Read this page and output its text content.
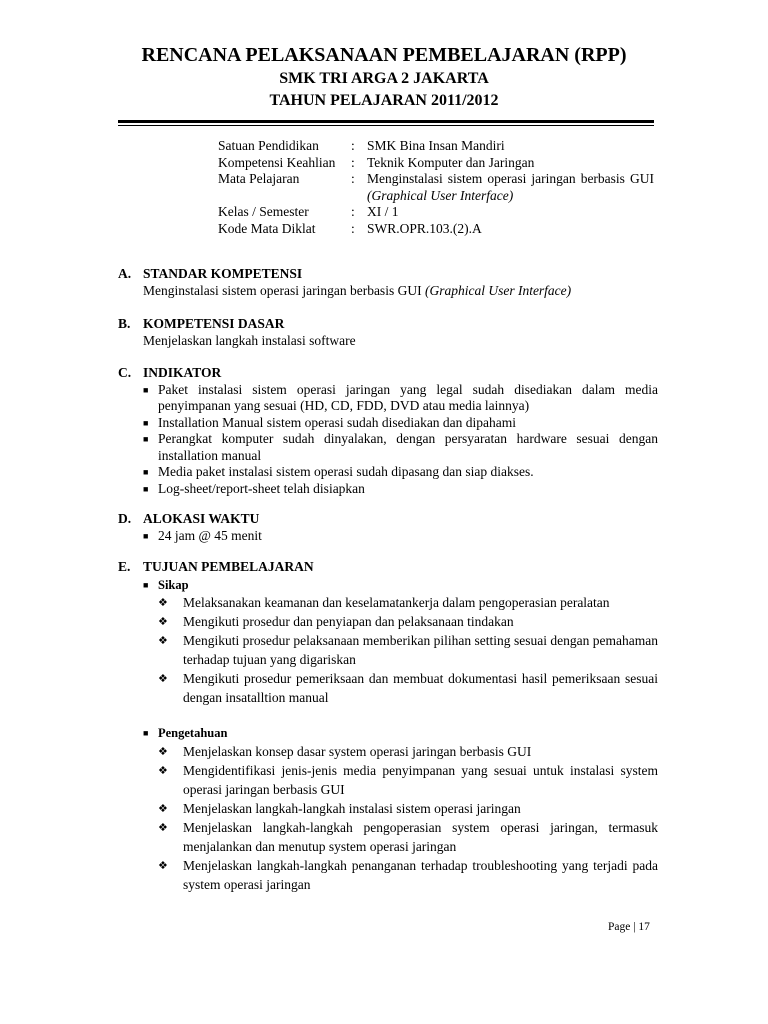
RENCANA PELAKSANAAN PEMBELAJARAN (RPP)
SMK TRI ARGA 2 JAKARTA
TAHUN PELAJARAN 2011/2012
Satuan Pendidikan	: SMK Bina Insan Mandiri
Kompetensi Keahlian	: Teknik Komputer dan Jaringan
Mata Pelajaran	: Menginstalasi sistem operasi jaringan berbasis GUI (Graphical User Interface)
Kelas / Semester	: XI / 1
Kode Mata Diklat	: SWR.OPR.103.(2).A
A. STANDAR KOMPETENSI
Menginstalasi sistem operasi jaringan berbasis GUI (Graphical User Interface)
B. KOMPETENSI DASAR
Menjelaskan langkah instalasi software
C. INDIKATOR
■ Paket instalasi sistem operasi jaringan yang legal sudah disediakan dalam media penyimpanan yang sesuai (HD, CD, FDD, DVD atau media lainnya)
■ Installation Manual sistem operasi sudah disediakan dan dipahami
■ Perangkat komputer sudah dinyalakan, dengan persyaratan hardware sesuai dengan installation manual
■ Media paket instalasi sistem operasi sudah dipasang dan siap diakses.
■ Log-sheet/report-sheet telah disiapkan
D. ALOKASI WAKTU
■ 24 jam @ 45 menit
E. TUJUAN PEMBELAJARAN
■ Sikap
❖	Melaksanakan keamanan dan keselamatankerja dalam pengoperasian peralatan
❖	Mengikuti prosedur dan penyiapan dan pelaksanaan tindakan
❖	Mengikuti prosedur pelaksanaan memberikan pilihan setting sesuai dengan pemahaman terhadap tujuan yang digariskan
❖	Mengikuti prosedur pemeriksaan dan membuat dokumentasi hasil pemeriksaan sesuai dengan insatalltion manual
■ Pengetahuan
❖	Menjelaskan konsep dasar system operasi jaringan berbasis GUI
❖	Mengidentifikasi jenis-jenis media penyimpanan yang sesuai untuk instalasi system operasi jaringan berbasis GUI
❖	Menjelaskan langkah-langkah instalasi sistem operasi jaringan
❖	Menjelaskan langkah-langkah pengoperasian system operasi jaringan, termasuk menjalankan dan menutup system operasi jaringan
❖	Menjelaskan langkah-langkah penanganan terhadap troubleshooting yang terjadi pada system operasi jaringan
Page | 17
